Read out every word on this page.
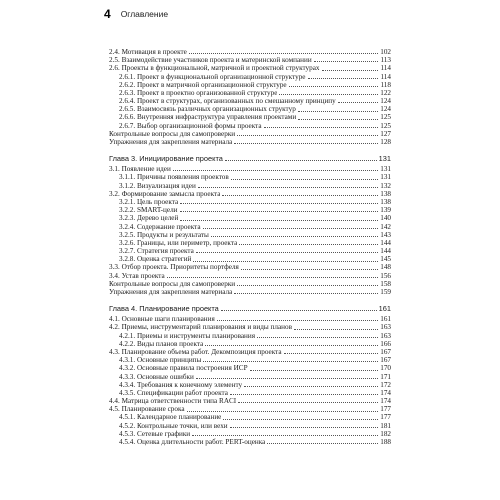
4 Оглавление
2.4. Мотивация в проекте	102
2.5. Взаимодействие участников проекта и материнской компании	113
2.6. Проекты в функциональной, матричной и проектной структурах	114
2.6.1. Проект в функциональной организационной структуре	114
2.6.2. Проект в матричной организационной структуре	118
2.6.3. Проект в проектно организованной структуре	122
2.6.4. Проект в структурах, организованных по смешанному принципу	124
2.6.5. Взаимосвязь различных организационных структур	124
2.6.6. Внутренняя инфраструктура управления проектами	125
2.6.7. Выбор организационной формы проекта	125
Контрольные вопросы для самопроверки	127
Упражнения для закрепления материала	128
Глава 3. Инициирование проекта	131
3.1. Появление идеи	131
3.1.1. Причины появления проектов	131
3.1.2. Визуализация идеи	132
3.2. Формирование замысла проекта	138
3.2.1. Цель проекта	138
3.2.2. SMART-цели	139
3.2.3. Дерево целей	140
3.2.4. Содержание проекта	142
3.2.5. Продукты и результаты	143
3.2.6. Границы, или периметр, проекта	144
3.2.7. Стратегия проекта	144
3.2.8. Оценка стратегий	145
3.3. Отбор проекта. Приоритеты портфеля	148
3.4. Устав проекта	156
Контрольные вопросы для самопроверки	158
Упражнения для закрепления материала	159
Глава 4. Планирование проекта	161
4.1. Основные шаги планирования	161
4.2. Приемы, инструментарий планирования и виды планов	163
4.2.1. Приемы и инструменты планирования	163
4.2.2. Виды планов проекта	166
4.3. Планирование объема работ. Декомпозиция проекта	167
4.3.1. Основные принципы	167
4.3.2. Основные правила построения ИСР	170
4.3.3. Основные ошибки	171
4.3.4. Требования к конечному элементу	172
4.3.5. Спецификации работ проекта	174
4.4. Матрица ответственности типа RACI	174
4.5. Планирование срока	177
4.5.1. Календарное планирование	177
4.5.2. Контрольные точки, или вехи	181
4.5.3. Сетевые графики	182
4.5.4. Оценка длительности работ. PERT-оценка	188
